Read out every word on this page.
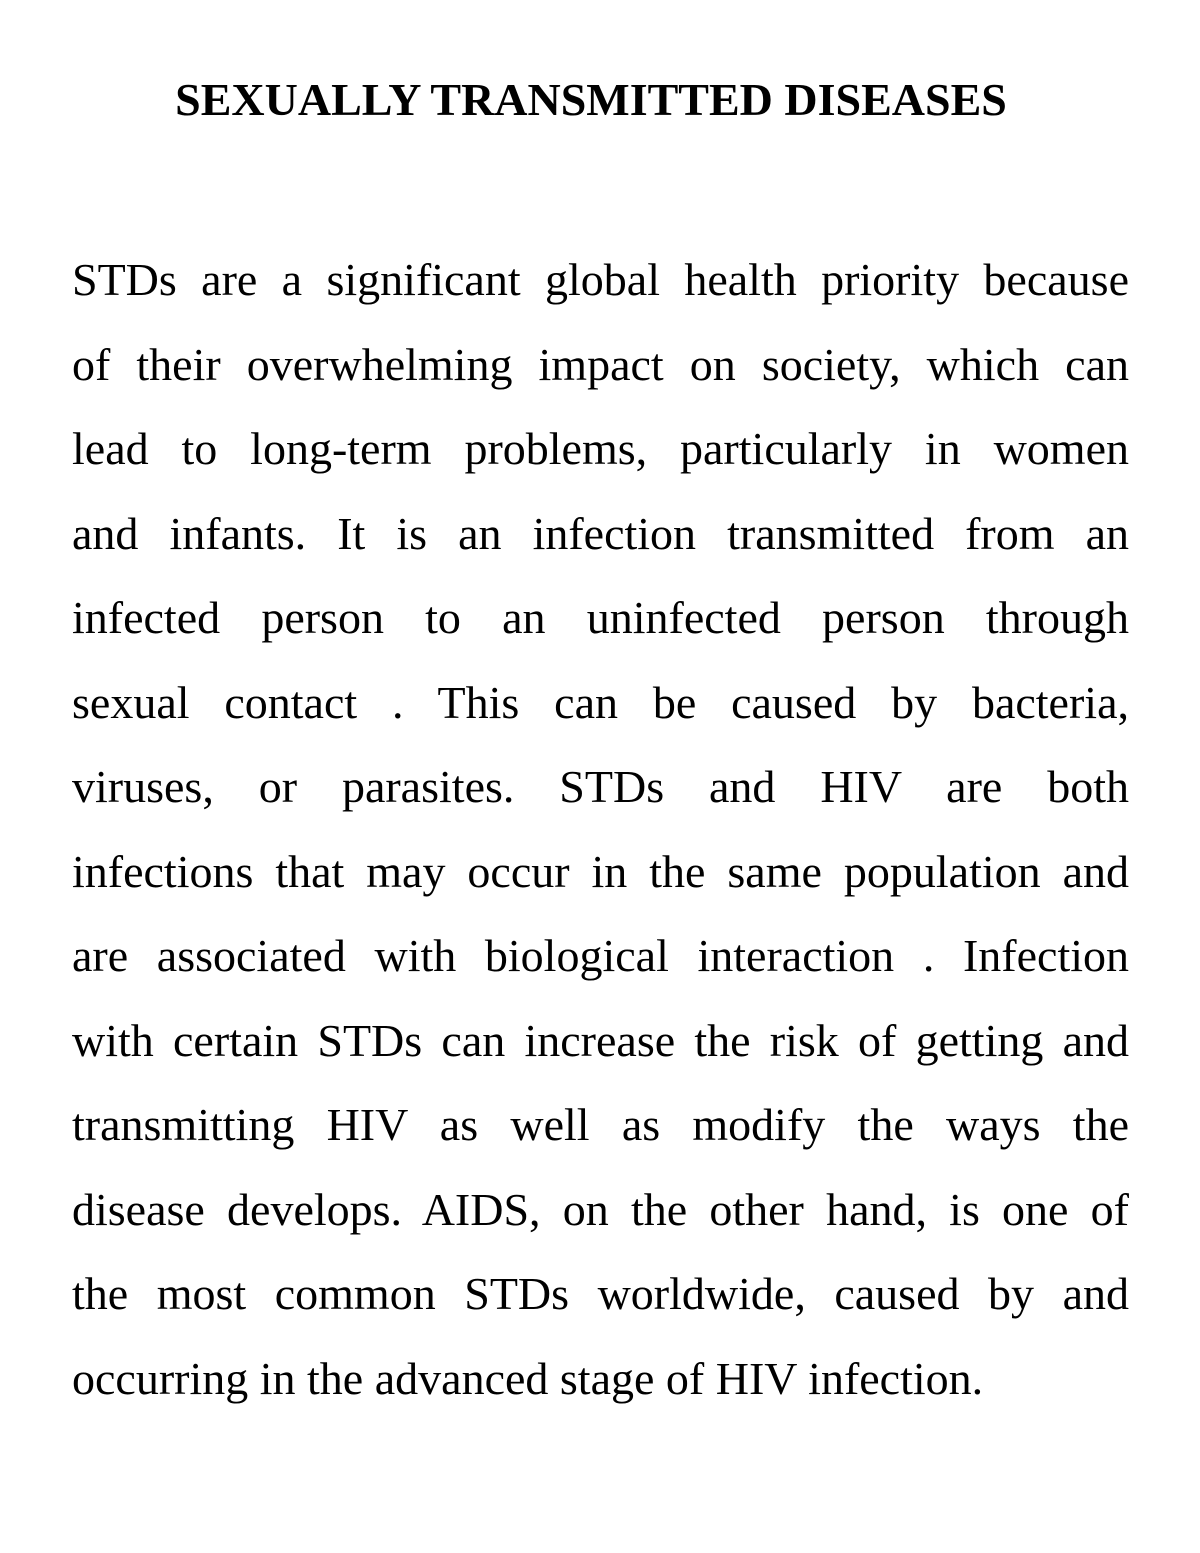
SEXUALLY TRANSMITTED DISEASES
STDs are a significant global health priority because
of their overwhelming impact on society, which can
lead to long-term problems, particularly in women
and infants. It is an infection transmitted from an
infected person to an uninfected person through
sexual contact . This can be caused by bacteria,
viruses, or parasites. STDs and HIV are both
infections that may occur in the same population and
are associated with biological interaction . Infection
with certain STDs can increase the risk of getting and
transmitting HIV as well as modify the ways the
disease develops. AIDS, on the other hand, is one of
the most common STDs worldwide, caused by and
occurring in the advanced stage of HIV infection.
